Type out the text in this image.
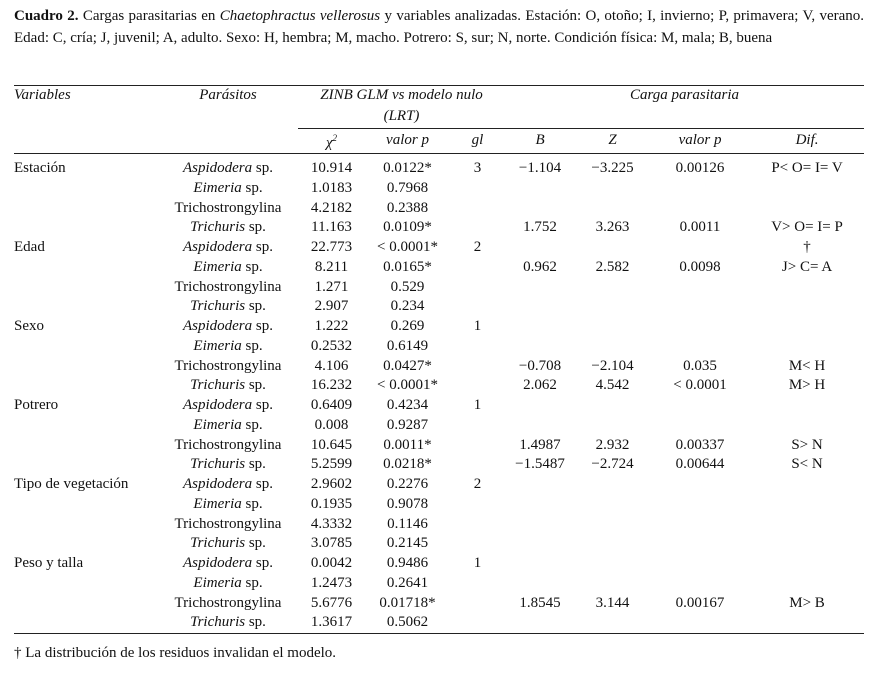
Cuadro 2. Cargas parasitarias en Chaetophractus vellerosus y variables analizadas. Estación: O, otoño; I, invierno; P, primavera; V, verano. Edad: C, cría; J, juvenil; A, adulto. Sexo: H, hembra; M, macho. Potrero: S, sur; N, norte. Condición física: M, mala; B, buena
Variables	Parásitos	ZINB GLM vs modelo nulo			Carga parasitaria			
		(LRT)						
		$\chi^2$	valor p	gl	B	Z	valor p	Dif.

Estación	Aspidodera sp.	10.914	0.0122*	3	−1.104	−3.225	0.00126	P< O= I= V
	Eimeria sp.	1.0183	0.7968					
	Trichostrongylina	4.2182	0.2388					
	Trichuris sp.	11.163	0.0109*		1.752	3.263	0.0011	V> O= I= P
Edad	Aspidodera sp.	22.773	< 0.0001*	2				†
	Eimeria sp.	8.211	0.0165*		0.962	2.582	0.0098	J> C= A
	Trichostrongylina	1.271	0.529					
	Trichuris sp.	2.907	0.234					
Sexo	Aspidodera sp.	1.222	0.269	1				
	Eimeria sp.	0.2532	0.6149					
	Trichostrongylina	4.106	0.0427*		−0.708	−2.104	0.035	M< H
	Trichuris sp.	16.232	< 0.0001*		2.062	4.542	< 0.0001	M> H
Potrero	Aspidodera sp.	0.6409	0.4234	1				
	Eimeria sp.	0.008	0.9287					
	Trichostrongylina	10.645	0.0011*		1.4987	2.932	0.00337	S> N
	Trichuris sp.	5.2599	0.0218*		−1.5487	−2.724	0.00644	S< N
Tipo de vegetación	Aspidodera sp.	2.9602	0.2276	2				
	Eimeria sp.	0.1935	0.9078					
	Trichostrongylina	4.3332	0.1146					
	Trichuris sp.	3.0785	0.2145					
Peso y talla	Aspidodera sp.	0.0042	0.9486	1				
	Eimeria sp.	1.2473	0.2641					
	Trichostrongylina	5.6776	0.01718*		1.8545	3.144	0.00167	M> B
	Trichuris sp.	1.3617	0.5062					
† La distribución de los residuos invalidan el modelo.
